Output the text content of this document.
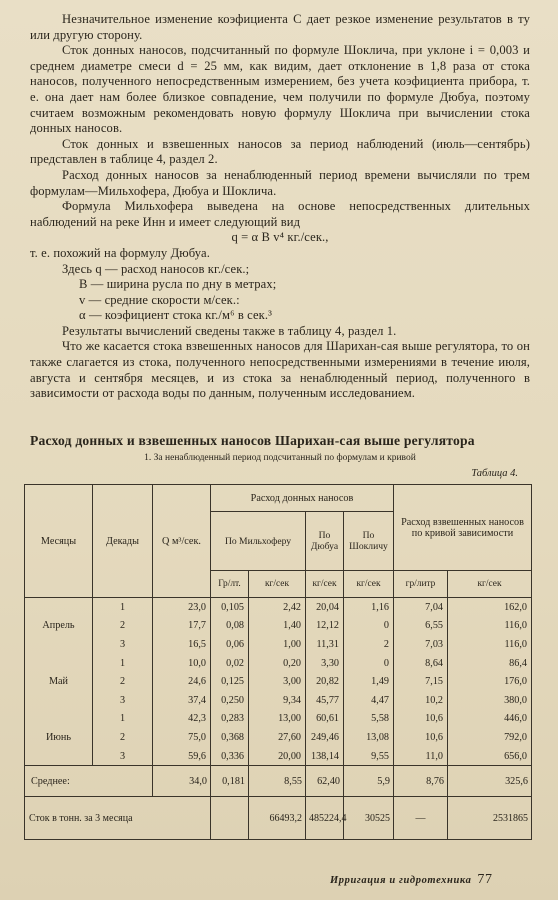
Незначительное изменение коэфициента С дает резкое изменение результатов в ту или другую сторону.

Сток донных наносов, подсчитанный по формуле Шоклича, при уклоне i = 0,003 и среднем диаметре смеси d = 25 мм, как видим, дает отклонение в 1,8 раза от стока наносов, полученного непосредственным измерением, без учета коэфициента прибора, т. е. она дает нам более близкое совпадение, чем получили по формуле Дюбуа, поэтому считаем возможным рекомендовать новую формулу Шоклича при вычислении стока донных наносов.

Сток донных и взвешенных наносов за период наблюдений (июль—сентябрь) представлен в таблице 4, раздел 2.

Расход донных наносов за ненаблюденный период времени вычисляли по трем формулам—Мильхофера, Дюбуа и Шоклича.

Формула Мильхофера выведена на основе непосредственных длительных наблюдений на реке Инн и имеет следующий вид

q = α B v⁴ кг./сек.,

т. е. похожий на формулу Дюбуа.

Здесь q — расход наносов кг./сек.;

B — ширина русла по дну в метрах;

v — средние скорости м/сек.:

α — коэфициент стока кг./м⁶ в сек.³

Результаты вычислений сведены также в таблицу 4, раздел 1.

Что же касается стока взвешенных наносов для Шарихан-сая выше регулятора, то он также слагается из стока, полученного непосредственными измерениями в течение июля, августа и сентября месяцев, и из стока за ненаблюденный период, полученного в зависимости от расхода воды по данным, полученным исследованием.

Расход донных и взвешенных наносов Шарихан-сая выше регулятора
1. За ненаблюденный период подсчитанный по формулам и кривой
Таблица 4.
Месяцы	Декады	Q м³/сек.	Расход донных наносов				Расход взвешенных наносов по кривой зависимости	
			По Мильхоферу		По Дюбуа	По Шокличу		
			Гр/лт.	кг/сек	кг/сек	кг/сек	гр/литр	кг/сек
	1	23,0	0,105	2,42	20,04	1,16	7,04	162,0
Апрель	2	17,7	0,08	1,40	12,12	0	6,55	116,0
	3	16,5	0,06	1,00	11,31	2	7,03	116,0
	1	10,0	0,02	0,20	3,30	0	8,64	86,4
Май	2	24,6	0,125	3,00	20,82	1,49	7,15	176,0
	3	37,4	0,250	9,34	45,77	4,47	10,2	380,0
	1	42,3	0,283	13,00	60,61	5,58	10,6	446,0
Июнь	2	75,0	0,368	27,60	249,46	13,08	10,6	792,0
	3	59,6	0,336	20,00	138,14	9,55	11,0	656,0
Среднее:		34,0	0,181	8,55	62,40	5,9	8,76	325,6
Сток в тонн. за 3 месяца				66493,2	485224,4	30525	—	2531865
Ирригация и гидротехника 77
